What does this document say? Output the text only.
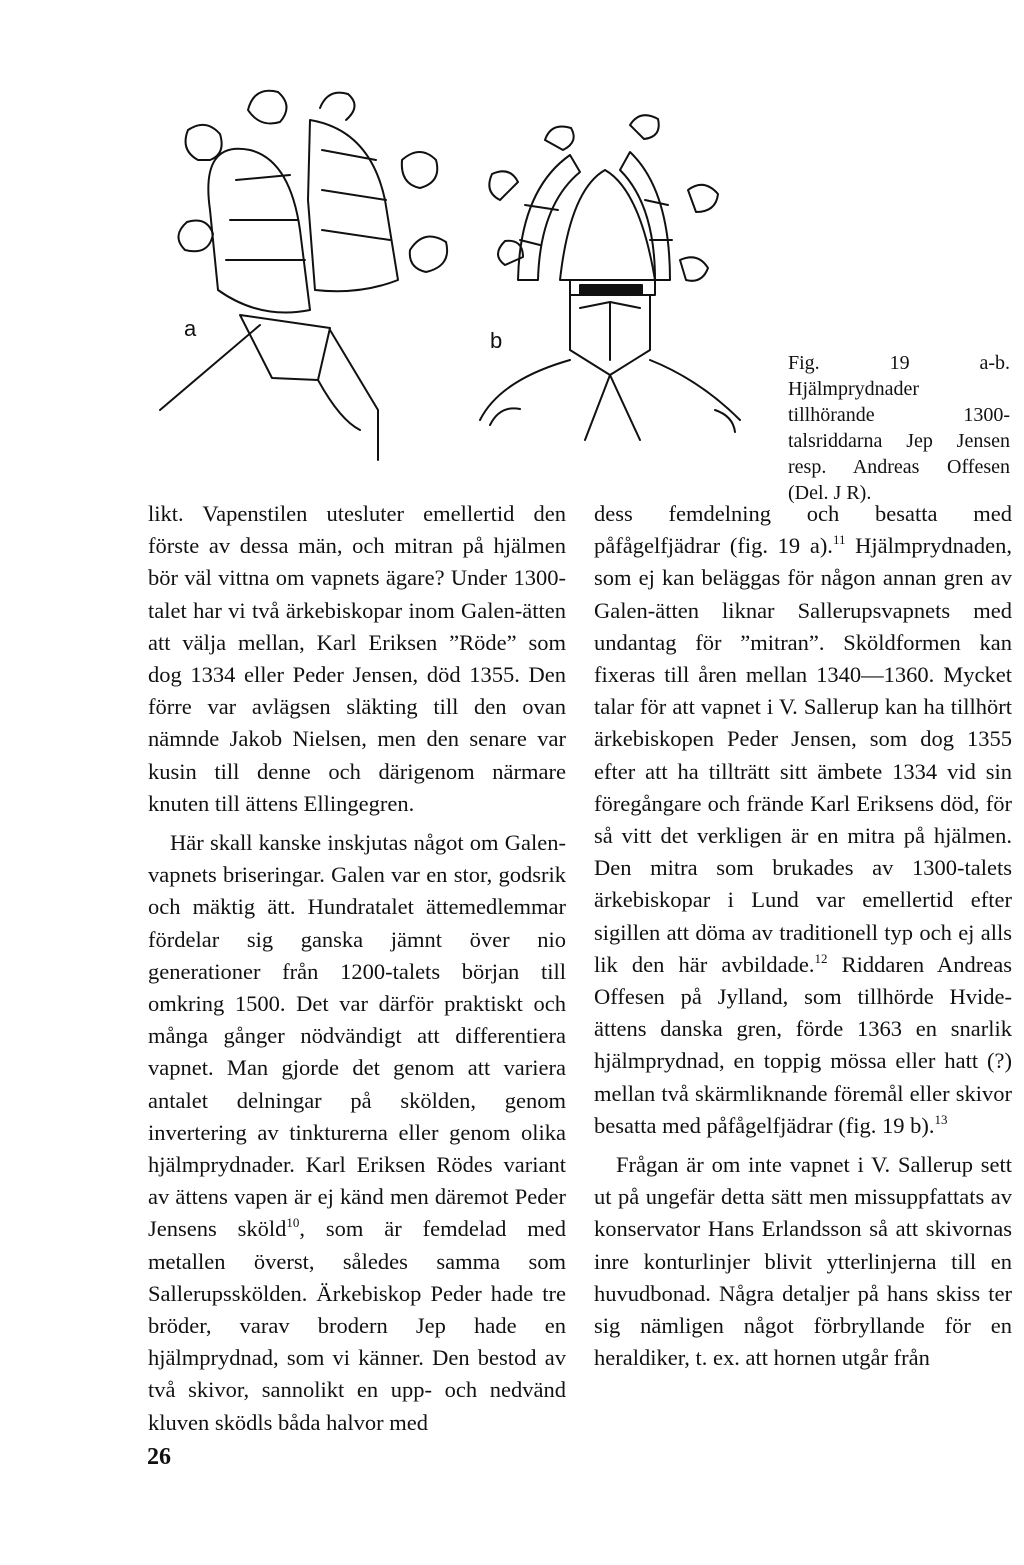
a	b
Fig. 19 a-b. Hjälmprydnader tillhörande 1300-talsriddarna Jep Jensen resp. Andreas Offesen (Del. J R).

likt. Vapenstilen utesluter emellertid den förste av dessa män, och mitran på hjälmen bör väl vittna om vapnets ägare? Under 1300-talet har vi två ärkebiskopar inom Galen-ätten att välja mellan, Karl Eriksen ”Röde” som dog 1334 eller Peder Jensen, död 1355. Den förre var avlägsen släkting till den ovan nämnde Jakob Nielsen, men den senare var kusin till denne och därigenom närmare knuten till ättens Ellingegren.

Här skall kanske inskjutas något om Galen-vapnets briseringar. Galen var en stor, godsrik och mäktig ätt. Hundratalet ättemedlemmar fördelar sig ganska jämnt över nio generationer från 1200-talets början till omkring 1500. Det var därför praktiskt och många gånger nödvändigt att differentiera vapnet. Man gjorde det genom att variera antalet delningar på skölden, genom invertering av tinkturerna eller genom olika hjälmprydnader. Karl Eriksen Rödes variant av ättens vapen är ej känd men däremot Peder Jensens sköld$^{10}$, som är femdelad med metallen överst, således samma som Sallerupsskölden. Ärkebiskop Peder hade tre bröder, varav brodern Jep hade en hjälmprydnad, som vi känner. Den bestod av två skivor, sannolikt en upp- och nedvänd kluven sködls båda halvor med

dess femdelning och besatta med påfågelfjädrar (fig. 19 a).$^{11}$ Hjälmprydnaden, som ej kan beläggas för någon annan gren av Galen-ätten liknar Sallerupsvapnets med undantag för ”mitran”. Sköldformen kan fixeras till åren mellan 1340—1360. Mycket talar för att vapnet i V. Sallerup kan ha tillhört ärkebiskopen Peder Jensen, som dog 1355 efter att ha tillträtt sitt ämbete 1334 vid sin föregångare och frände Karl Eriksens död, för så vitt det verkligen är en mitra på hjälmen. Den mitra som brukades av 1300-talets ärkebiskopar i Lund var emellertid efter sigillen att döma av traditionell typ och ej alls lik den här avbildade.$^{12}$ Riddaren Andreas Offesen på Jylland, som tillhörde Hvide-ättens danska gren, förde 1363 en snarlik hjälmprydnad, en toppig mössa eller hatt (?) mellan två skärmliknande föremål eller skivor besatta med påfågelfjädrar (fig. 19 b).$^{13}$

Frågan är om inte vapnet i V. Sallerup sett ut på ungefär detta sätt men missuppfattats av konservator Hans Erlandsson så att skivornas inre konturlinjer blivit ytterlinjerna till en huvudbonad. Några detaljer på hans skiss ter sig nämligen något förbryllande för en heraldiker, t. ex. att hornen utgår från

26
